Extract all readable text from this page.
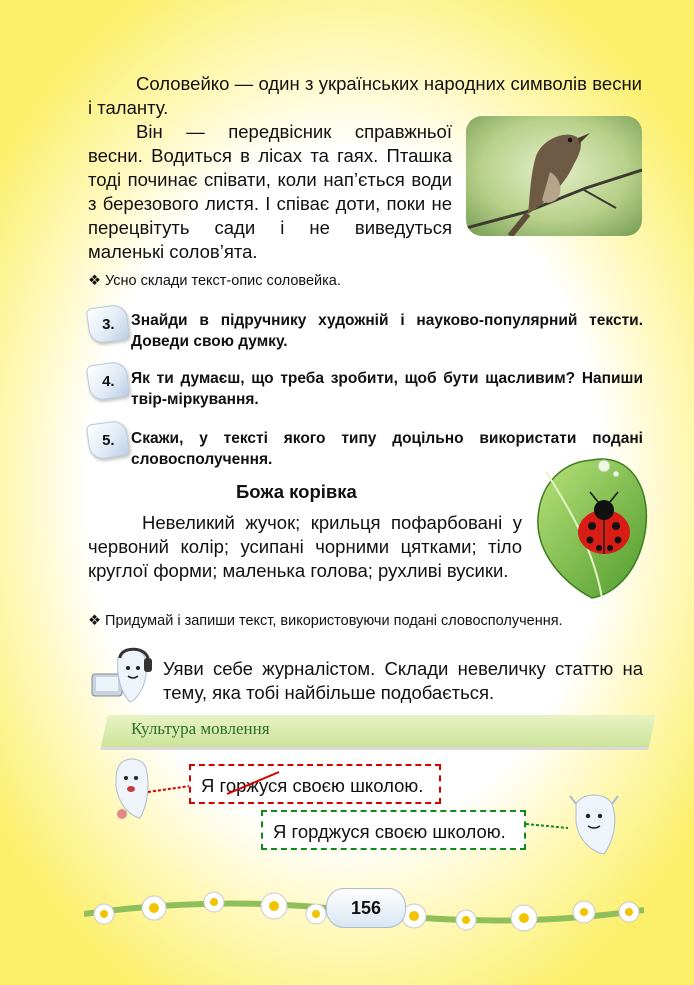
Соловейко — один з українських народних символів весни і таланту.

Він — передвісник справжньої весни. Водиться в лісах та гаях. Пташка тоді починає співати, коли нап’ється води з березового листя. І співає доти, поки не перецвітуть сади і не виведуться маленькі солов’ята.

❖ Усно склади текст-опис соловейка.
3. Знайди в підручнику художній і науково-популярний тексти. Доведи свою думку.
4. Як ти думаєш, що треба зробити, щоб бути щасливим? Напиши твір-міркування.
5. Скажи, у тексті якого типу доцільно використати подані словосполучення.
Божа корівка

Невеликий жучок; крильця пофарбовані у червоний колір; усипані чорними цятками; тіло круглої форми; маленька голова; рухливі вусики.

❖ Придумай і запиши текст, використовуючи подані словосполучення.

Уяви себе журналістом. Склади невеличку статтю на тему, яка тобі найбільше подобається.

Культура мовлення
Я горжуся своєю школою.
Я горджуся своєю школою.
156
